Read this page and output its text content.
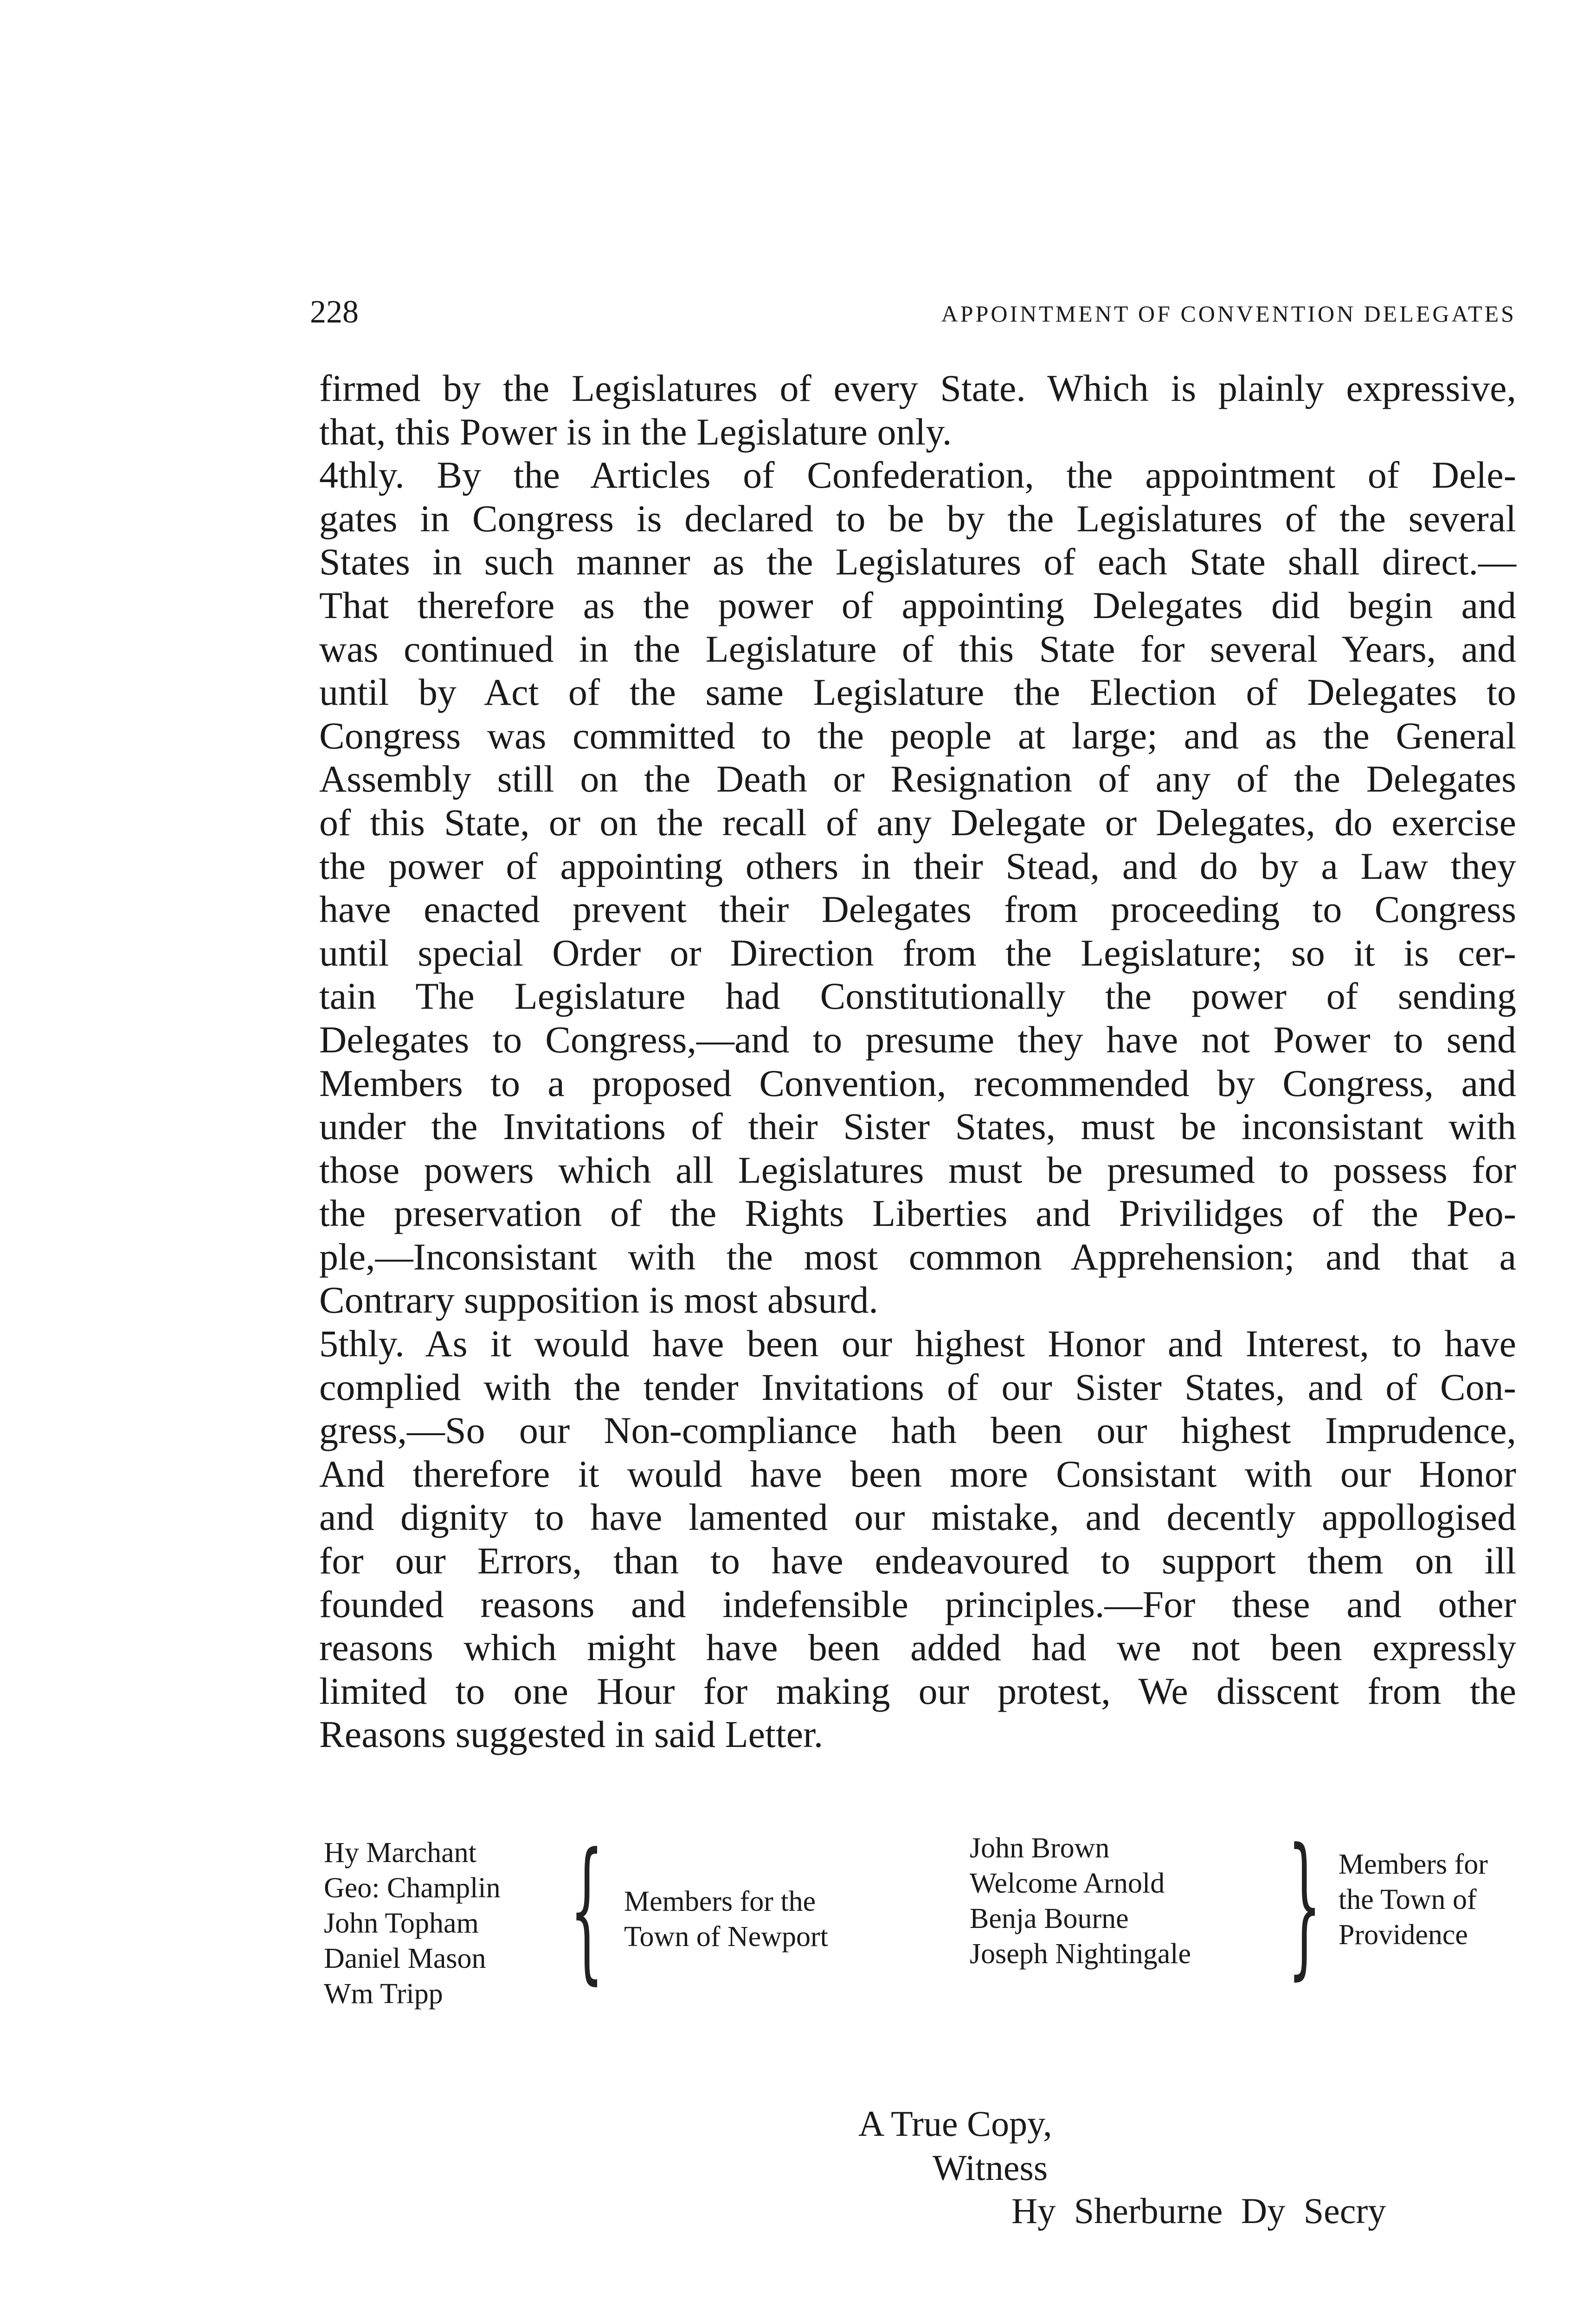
228	APPOINTMENT OF CONVENTION DELEGATES
firmed by the Legislatures of every State. Which is plainly expressive,
that, this Power is in the Legislature only.
4thly. By the Articles of Confederation, the appointment of Dele-
gates in Congress is declared to be by the Legislatures of the several
States in such manner as the Legislatures of each State shall direct.—
That therefore as the power of appointing Delegates did begin and
was continued in the Legislature of this State for several Years, and
until by Act of the same Legislature the Election of Delegates to
Congress was committed to the people at large; and as the General
Assembly still on the Death or Resignation of any of the Delegates
of this State, or on the recall of any Delegate or Delegates, do exercise
the power of appointing others in their Stead, and do by a Law they
have enacted prevent their Delegates from proceeding to Congress
until special Order or Direction from the Legislature; so it is cer-
tain The Legislature had Constitutionally the power of sending
Delegates to Congress,—and to presume they have not Power to send
Members to a proposed Convention, recommended by Congress, and
under the Invitations of their Sister States, must be inconsistant with
those powers which all Legislatures must be presumed to possess for
the preservation of the Rights Liberties and Privilidges of the Peo-
ple,—Inconsistant with the most common Apprehension; and that a
Contrary supposition is most absurd.
5thly. As it would have been our highest Honor and Interest, to have
complied with the tender Invitations of our Sister States, and of Con-
gress,—So our Non-compliance hath been our highest Imprudence,
And therefore it would have been more Consistant with our Honor
and dignity to have lamented our mistake, and decently appollogised
for our Errors, than to have endeavoured to support them on ill
founded reasons and indefensible principles.—For these and other
reasons which might have been added had we not been expressly
limited to one Hour for making our protest, We disscent from the
Reasons suggested in said Letter.
Hy Marchant
Geo: Champlin
John Topham
Daniel Mason
Wm Tripp { Members for the
Town of Newport
John Brown
Welcome Arnold
Benja Bourne
Joseph Nightingale } Members for
the Town of
Providence
A True Copy,
Witness
Hy Sherburne Dy Secry
